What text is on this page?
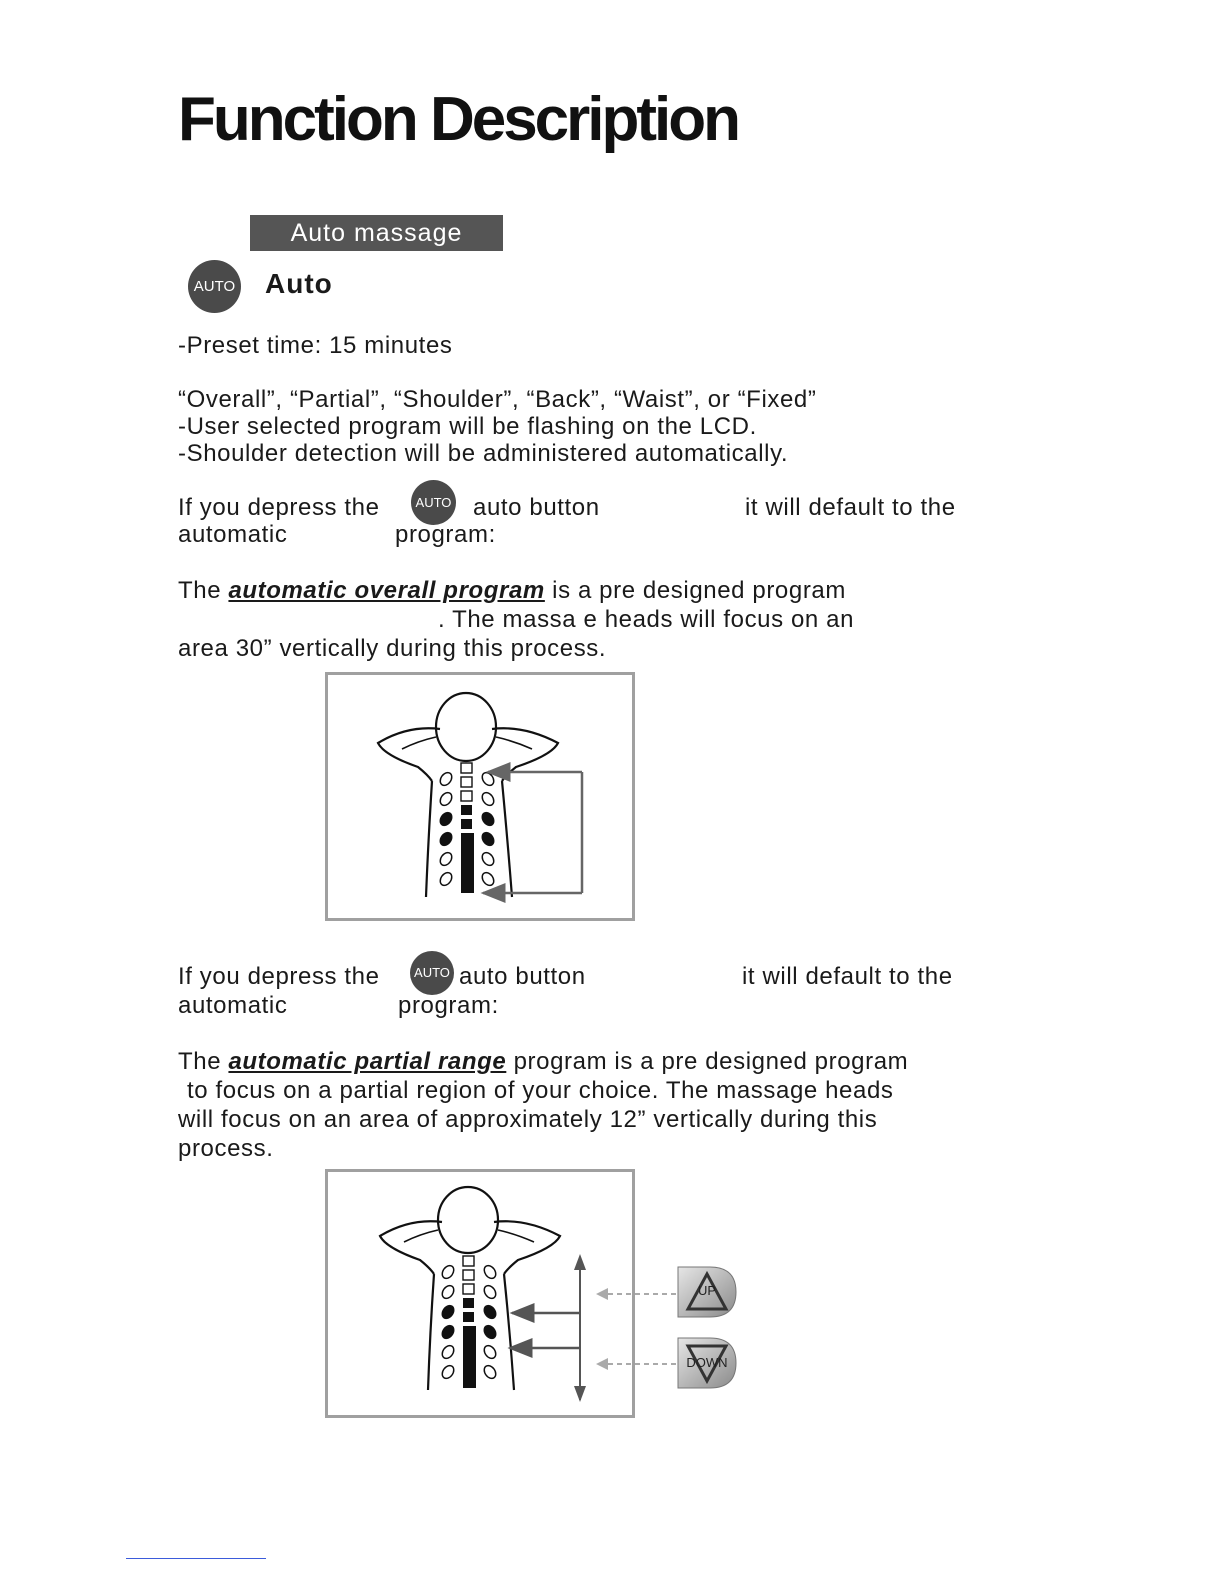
Function Description
Auto massage
AUTO Auto
-Preset time: 15 minutes
“Overall”, “Partial”, “Shoulder”, “Back”, “Waist”, or “Fixed”
-User selected program will be flashing on the LCD.
-Shoulder detection will be administered automatically.
If you depress the	AUTO auto button	it will default to the
automatic	program:
The automatic overall program is a pre designed program
. The massa e heads will focus on an
area 30” vertically during this process.
If you depress the	AUTO auto button	it will default to the
automatic	program:
The automatic partial range program is a pre designed program
to focus on a partial region of your choice. The massage heads
will focus on an area of approximately 12” vertically during this
process.
UP
DOWN
